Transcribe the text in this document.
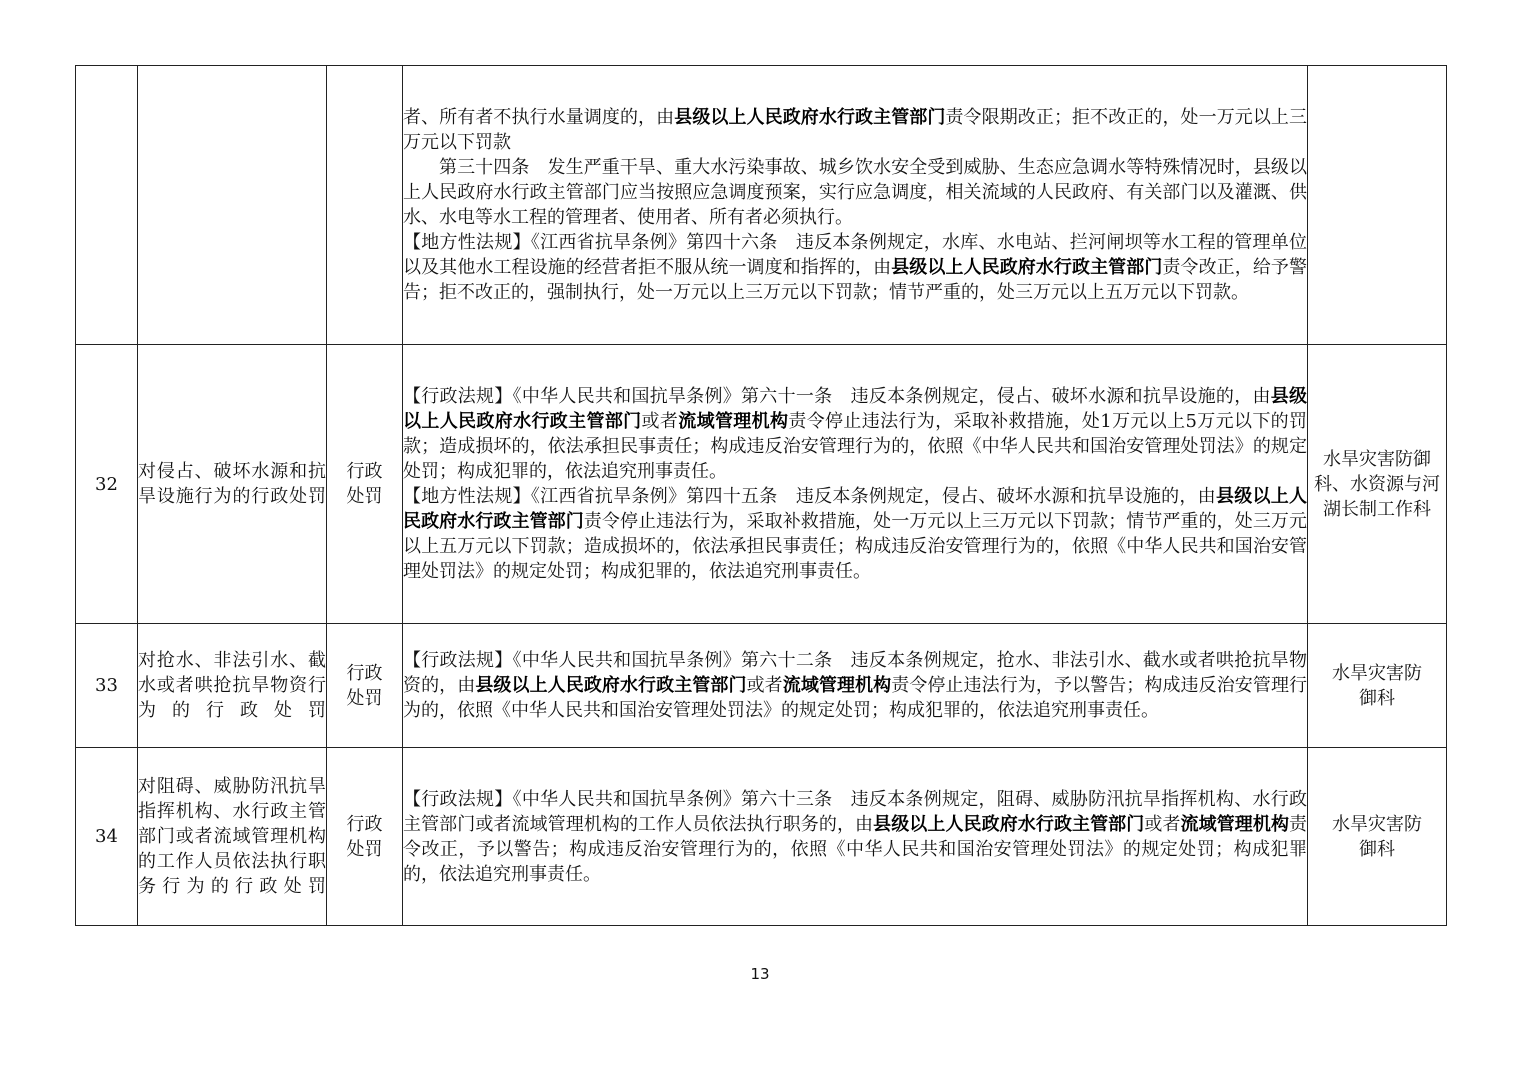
			者、所有者不执行水量调度的，由县级以上人民政府水行政主管部门责令限期改正；拒不改正的，处一万元以上三万元以下罚款
第三十四条　发生严重干旱、重大水污染事故、城乡饮水安全受到威胁、生态应急调水等特殊情况时，县级以上人民政府水行政主管部门应当按照应急调度预案，实行应急调度，相关流域的人民政府、有关部门以及灌溉、供水、水电等水工程的管理者、使用者、所有者必须执行。
【地方性法规】《江西省抗旱条例》第四十六条　违反本条例规定，水库、水电站、拦河闸坝等水工程的管理单位以及其他水工程设施的经营者拒不服从统一调度和指挥的，由县级以上人民政府水行政主管部门责令改正，给予警告；拒不改正的，强制执行，处一万元以上三万元以下罚款；情节严重的，处三万元以上五万元以下罚款。	

32	对侵占、破坏水源和抗旱设施行为的行政处罚	行政处罚	【行政法规】《中华人民共和国抗旱条例》第六十一条　违反本条例规定，侵占、破坏水源和抗旱设施的，由县级以上人民政府水行政主管部门或者流域管理机构责令停止违法行为，采取补救措施，处1万元以上5万元以下的罚款；造成损坏的，依法承担民事责任；构成违反治安管理行为的，依照《中华人民共和国治安管理处罚法》的规定处罚；构成犯罪的，依法追究刑事责任。
【地方性法规】《江西省抗旱条例》第四十五条　违反本条例规定，侵占、破坏水源和抗旱设施的，由县级以上人民政府水行政主管部门责令停止违法行为，采取补救措施，处一万元以上三万元以下罚款；情节严重的，处三万元以上五万元以下罚款；造成损坏的，依法承担民事责任；构成违反治安管理行为的，依照《中华人民共和国治安管理处罚法》的规定处罚；构成犯罪的，依法追究刑事责任。	水旱灾害防御科、水资源与河湖长制工作科
33	对抢水、非法引水、截水或者哄抢抗旱物资行为的行政处罚	行政处罚	【行政法规】《中华人民共和国抗旱条例》第六十二条　违反本条例规定，抢水、非法引水、截水或者哄抢抗旱物资的，由县级以上人民政府水行政主管部门或者流域管理机构责令停止违法行为，予以警告；构成违反治安管理行为的，依照《中华人民共和国治安管理处罚法》的规定处罚；构成犯罪的，依法追究刑事责任。	水旱灾害防御科
34	对阻碍、威胁防汛抗旱指挥机构、水行政主管部门或者流域管理机构的工作人员依法执行职务行为的行政处罚	行政处罚	【行政法规】《中华人民共和国抗旱条例》第六十三条　违反本条例规定，阻碍、威胁防汛抗旱指挥机构、水行政主管部门或者流域管理机构的工作人员依法执行职务的，由县级以上人民政府水行政主管部门或者流域管理机构责令改正，予以警告；构成违反治安管理行为的，依照《中华人民共和国治安管理处罚法》的规定处罚；构成犯罪的，依法追究刑事责任。	水旱灾害防御科
13
